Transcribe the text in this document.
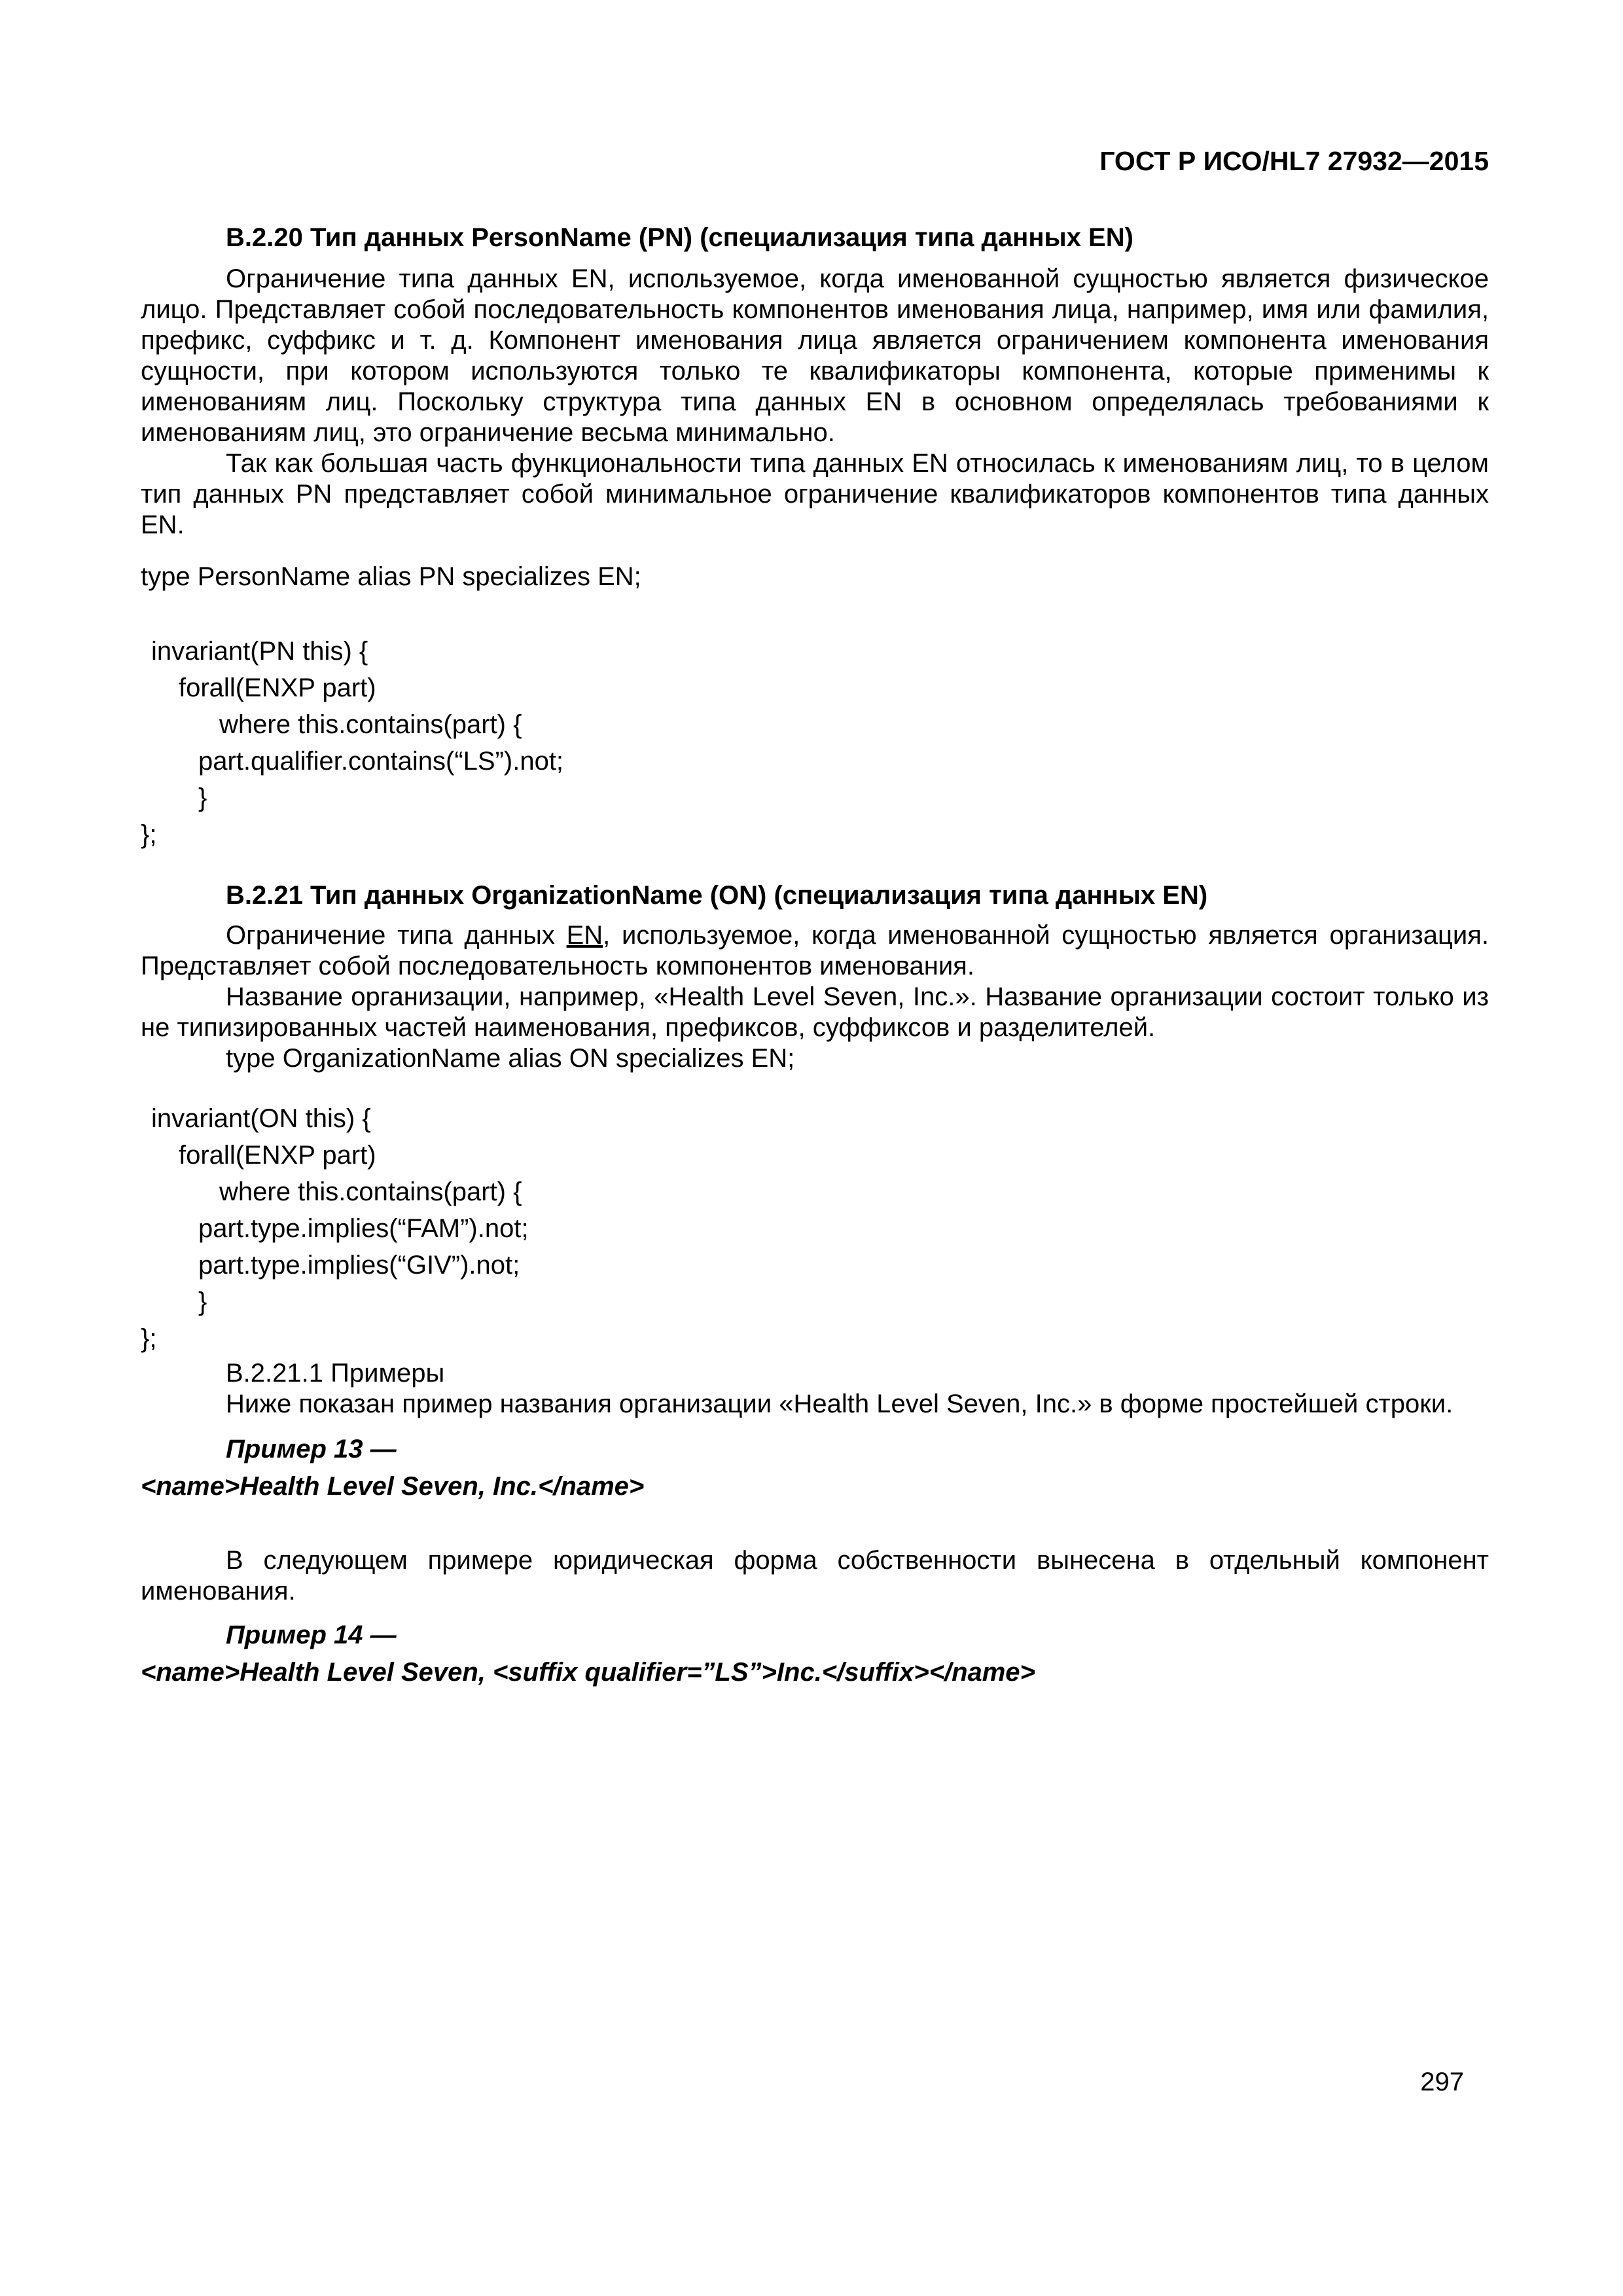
ГОСТ Р ИСО/HL7 27932—2015

В.2.20 Тип данных PersonName (PN) (специализация типа данных EN)

Ограничение типа данных EN, используемое, когда именованной сущностью является физическое лицо. Представляет собой последовательность компонентов именования лица, например, имя или фамилия, префикс, суффикс и т. д. Компонент именования лица является ограничением компонента именования сущности, при котором используются только те квалификаторы компонента, которые применимы к именованиям лиц. Поскольку структура типа данных EN в основном определялась требованиями к именованиям лиц, это ограничение весьма минимально.

Так как большая часть функциональности типа данных EN относилась к именованиям лиц, то в целом тип данных PN представляет собой минимальное ограничение квалификаторов компонентов типа данных EN.

type PersonName alias PN specializes EN;
invariant(PN this) {
forall(ENXP part)
where this.contains(part) {
part.qualifier.contains(“LS”).not;
}
};

В.2.21 Тип данных OrganizationName (ON) (специализация типа данных EN)

Ограничение типа данных EN, используемое, когда именованной сущностью является организация. Представляет собой последовательность компонентов именования.

Название организации, например, «Health Level Seven, Inc.». Название организации состоит только из не типизированных частей наименования, префиксов, суффиксов и разделителей.

type OrganizationName alias ON specializes EN;
invariant(ON this) {
forall(ENXP part)
where this.contains(part) {
part.type.implies(“FAM”).not;
part.type.implies(“GIV”).not;
}
};

В.2.21.1 Примеры

Ниже показан пример названия организации «Health Level Seven, Inc.» в форме простейшей строки.

Пример 13 —

<name>Health Level Seven, Inc.</name>

В следующем примере юридическая форма собственности вынесена в отдельный компонент именования.

Пример 14 —

<name>Health Level Seven, <suffix qualifier=”LS”>Inc.</suffix></name>

297
